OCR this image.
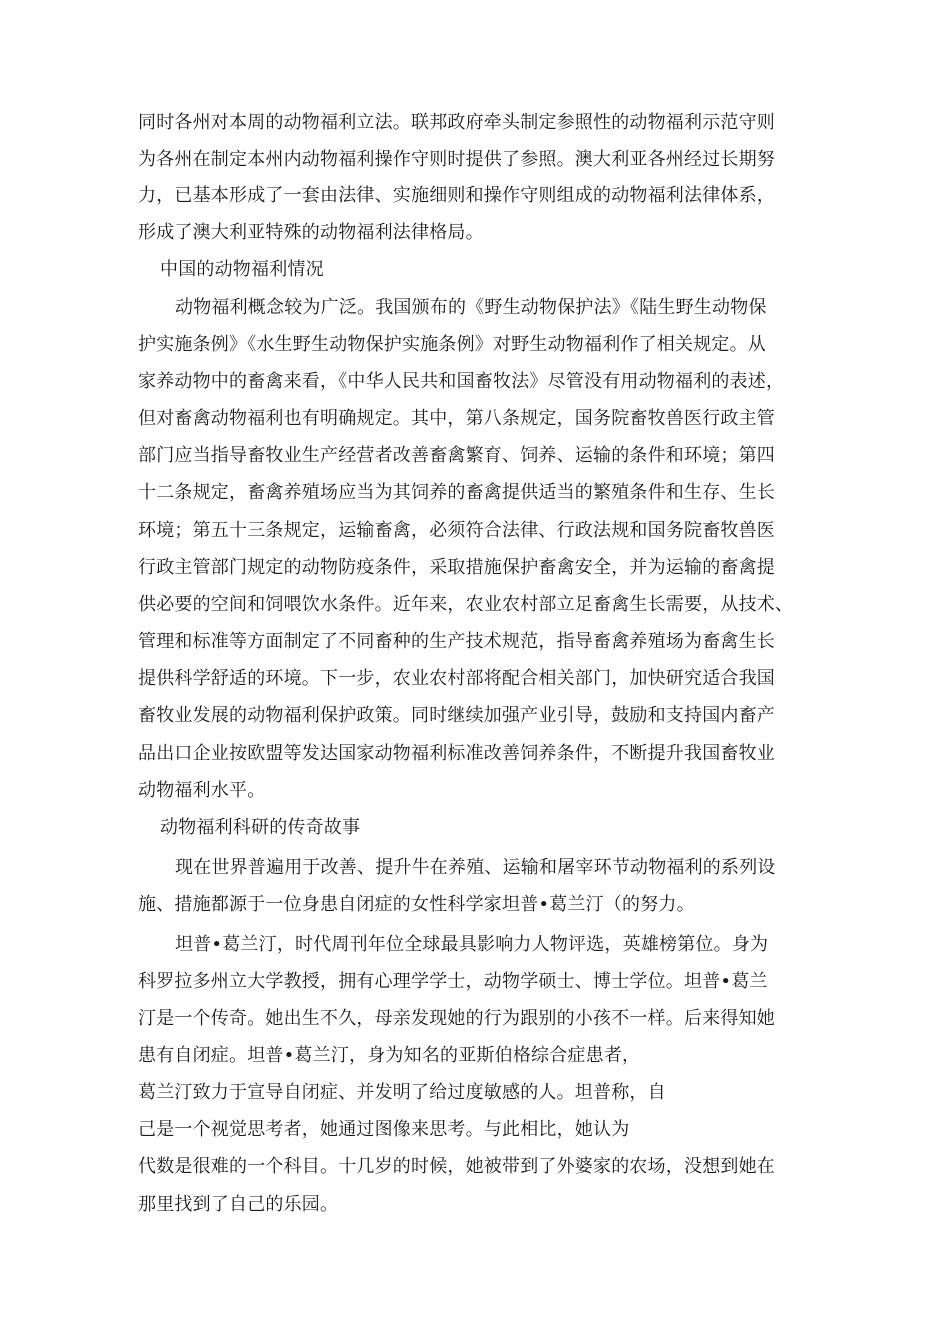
同时各州对本周的动物福利立法。联邦政府牵头制定参照性的动物福利示范守则
为各州在制定本州内动物福利操作守则时提供了参照。澳大利亚各州经过长期努
力，已基本形成了一套由法律、实施细则和操作守则组成的动物福利法律体系，
形成了澳大利亚特殊的动物福利法律格局。
中国的动物福利情况
动物福利概念较为广泛。我国颁布的《野生动物保护法》《陆生野生动物保
护实施条例》《水生野生动物保护实施条例》对野生动物福利作了相关规定。从
家养动物中的畜禽来看，《中华人民共和国畜牧法》尽管没有用动物福利的表述，
但对畜禽动物福利也有明确规定。其中，第八条规定，国务院畜牧兽医行政主管
部门应当指导畜牧业生产经营者改善畜禽繁育、饲养、运输的条件和环境；第四
十二条规定，畜禽养殖场应当为其饲养的畜禽提供适当的繁殖条件和生存、生长
环境；第五十三条规定，运输畜禽，必须符合法律、行政法规和国务院畜牧兽医
行政主管部门规定的动物防疫条件，采取措施保护畜禽安全，并为运输的畜禽提
供必要的空间和饲喂饮水条件。近年来，农业农村部立足畜禽生长需要，从技术、
管理和标准等方面制定了不同畜种的生产技术规范，指导畜禽养殖场为畜禽生长
提供科学舒适的环境。下一步，农业农村部将配合相关部门，加快研究适合我国
畜牧业发展的动物福利保护政策。同时继续加强产业引导，鼓励和支持国内畜产
品出口企业按欧盟等发达国家动物福利标准改善饲养条件，不断提升我国畜牧业
动物福利水平。
动物福利科研的传奇故事
现在世界普遍用于改善、提升牛在养殖、运输和屠宰环节动物福利的系列设
施、措施都源于一位身患自闭症的女性科学家坦普•葛兰汀（的努力。
坦普•葛兰汀，时代周刊年位全球最具影响力人物评选，英雄榜第位。身为
科罗拉多州立大学教授，拥有心理学学士，动物学硕士、博士学位。坦普•葛兰
汀是一个传奇。她出生不久，母亲发现她的行为跟别的小孩不一样。后来得知她
患有自闭症。坦普•葛兰汀，身为知名的亚斯伯格综合症患者，
葛兰汀致力于宣导自闭症、并发明了给过度敏感的人。坦普称，自
己是一个视觉思考者，她通过图像来思考。与此相比，她认为
代数是很难的一个科目。十几岁的时候，她被带到了外婆家的农场，没想到她在
那里找到了自己的乐园。
